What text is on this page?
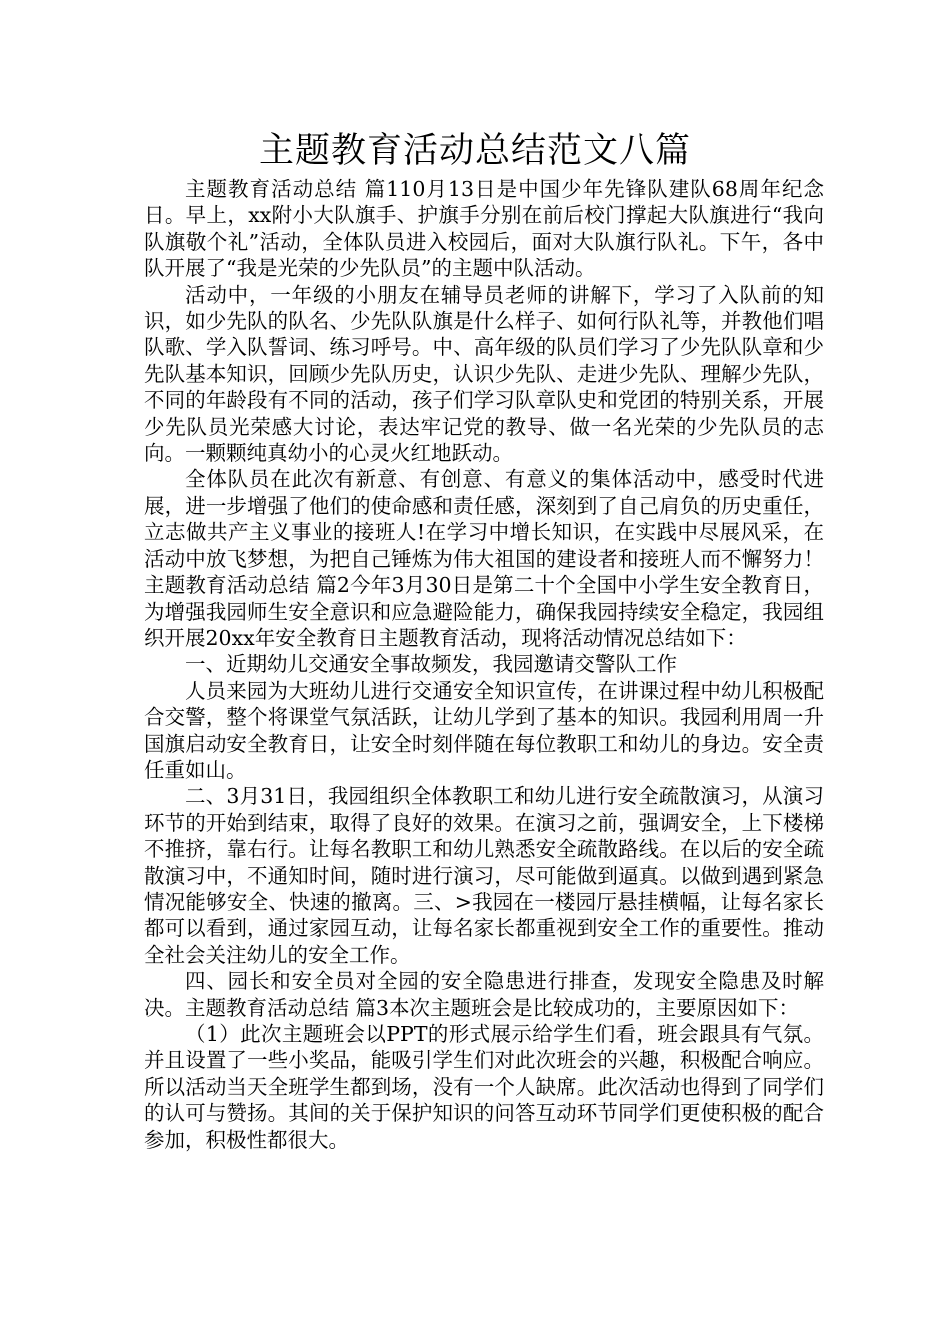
主题教育活动总结范文八篇

主题教育活动总结 篇110月13日是中国少年先锋队建队68周年纪念日。早上，xx附小大队旗手、护旗手分别在前后校门撑起大队旗进行“我向队旗敬个礼”活动，全体队员进入校园后，面对大队旗行队礼。下午，各中队开展了“我是光荣的少先队员”的主题中队活动。

活动中，一年级的小朋友在辅导员老师的讲解下，学习了入队前的知识，如少先队的队名、少先队队旗是什么样子、如何行队礼等，并教他们唱队歌、学入队誓词、练习呼号。中、高年级的队员们学习了少先队队章和少先队基本知识，回顾少先队历史，认识少先队、走进少先队、理解少先队，不同的年龄段有不同的活动，孩子们学习队章队史和党团的特别关系，开展少先队员光荣感大讨论，表达牢记党的教导、做一名光荣的少先队员的志向。一颗颗纯真幼小的心灵火红地跃动。

全体队员在此次有新意、有创意、有意义的集体活动中，感受时代进展，进一步增强了他们的使命感和责任感，深刻到了自己肩负的历史重任，立志做共产主义事业的接班人!在学习中增长知识，在实践中尽展风采，在活动中放飞梦想，为把自己锤炼为伟大祖国的建设者和接班人而不懈努力！主题教育活动总结 篇2今年3月30日是第二十个全国中小学生安全教育日，为增强我园师生安全意识和应急避险能力，确保我园持续安全稳定，我园组织开展20xx年安全教育日主题教育活动，现将活动情况总结如下：

一、近期幼儿交通安全事故频发，我园邀请交警队工作

人员来园为大班幼儿进行交通安全知识宣传，在讲课过程中幼儿积极配合交警，整个将课堂气氛活跃，让幼儿学到了基本的知识。我园利用周一升国旗启动安全教育日，让安全时刻伴随在每位教职工和幼儿的身边。安全责任重如山。

二、3月31日，我园组织全体教职工和幼儿进行安全疏散演习，从演习环节的开始到结束，取得了良好的效果。在演习之前，强调安全，上下楼梯不推挤，靠右行。让每名教职工和幼儿熟悉安全疏散路线。在以后的安全疏散演习中，不通知时间，随时进行演习，尽可能做到逼真。以做到遇到紧急情况能够安全、快速的撤离。三、>我园在一楼园厅悬挂横幅，让每名家长都可以看到，通过家园互动，让每名家长都重视到安全工作的重要性。推动全社会关注幼儿的安全工作。

四、园长和安全员对全园的安全隐患进行排查，发现安全隐患及时解决。主题教育活动总结 篇3本次主题班会是比较成功的，主要原因如下：

（1）此次主题班会以PPT的形式展示给学生们看，班会跟具有气氛。并且设置了一些小奖品，能吸引学生们对此次班会的兴趣，积极配合响应。所以活动当天全班学生都到场，没有一个人缺席。此次活动也得到了同学们的认可与赞扬。其间的关于保护知识的问答互动环节同学们更使积极的配合参加，积极性都很大。
